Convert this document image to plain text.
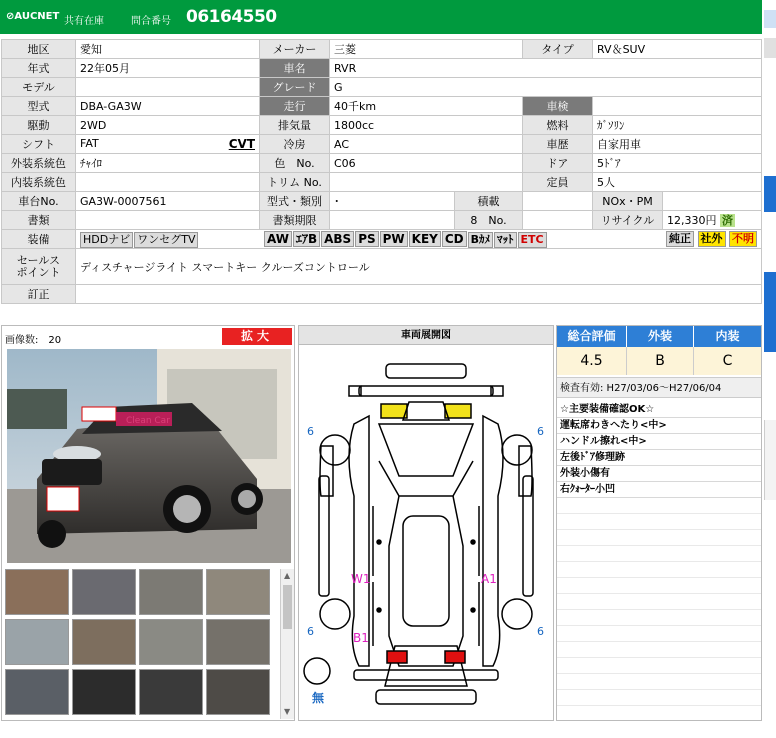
⊘AUCNET 共有在庫	問合番号 06164550
地区	愛知	メーカー	三菱		タイプ	RV＆SUV	
年式	22年05月	車名	RVR				
モデル		グレード	G				
型式	DBA-GA3W	走行	40千km		車検		
駆動	2WD	排気量	1800cc		燃料	ｶﾞｿﾘﾝ	
シフト	FAT CVT	冷房	AC		車歴	自家用車	
外装系統色	ﾁｬｲﾛ	色　No.	C06		ドア	5ﾄﾞｱ	
内装系統色		トリム No.			定員	5人	
車台No.	GA3W-0007561	型式・類別	･	積載		NOx・PM	
書類		書類期限		8　No.		リサイクル	12,330円 済
装備	HDDナビ ワンセグTV AW ｴｱB ABS PS PW KEY CD Bｶﾒ ﾏｯﾄ ETC 純正 社外 不明						

セールス
ポイント	ディスチャージライト スマートキー クルーズコントロール						
訂正							
画像数:　20	拡大
▲
▼
車両展開図
6	6
6	6
W1	A1
B1
無
総合評価	外装	内装
4.5	B	C
検査有効: H27/03/06～H27/06/04
☆主要装備確認OK☆
運転席わきへたり<中>
ハンドル擦れ<中>
左後ﾄﾞｱ修理跡
外装小傷有
右ｸｫｰﾀｰ小凹
